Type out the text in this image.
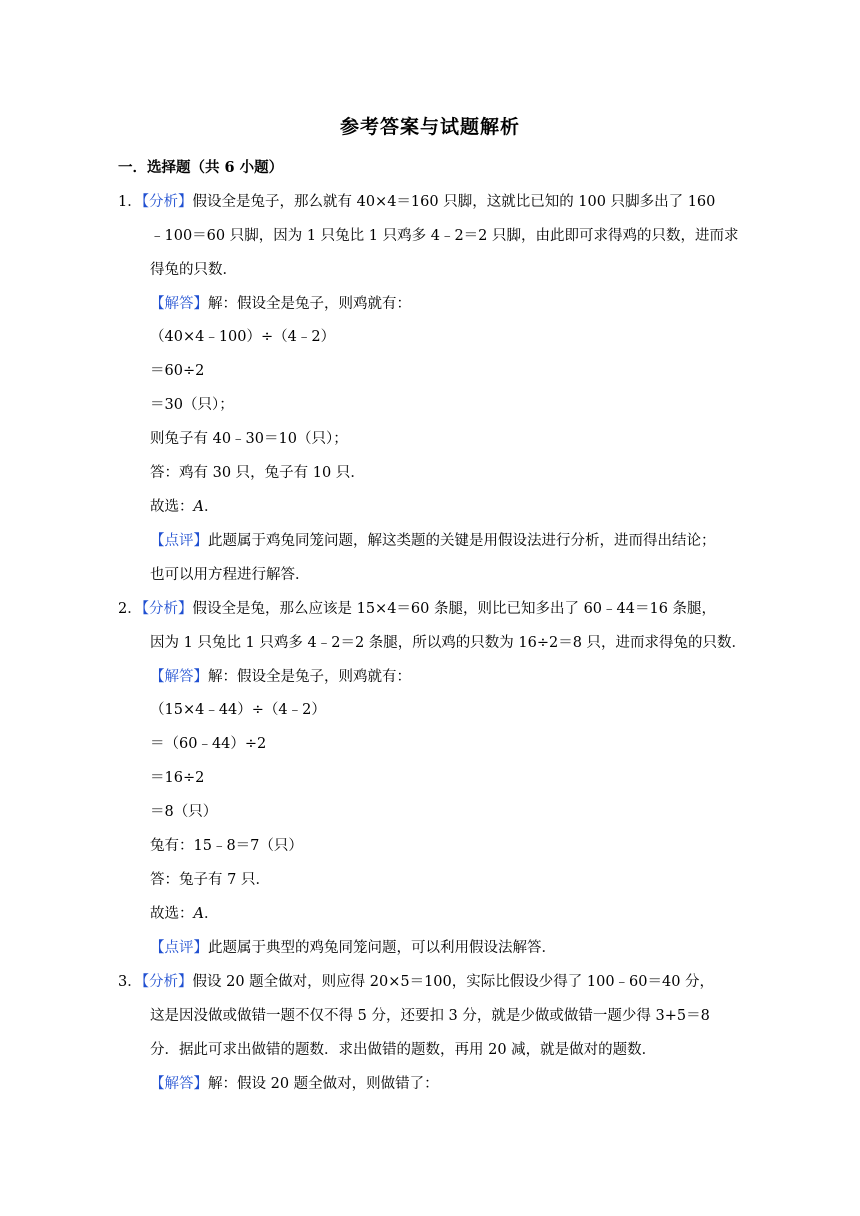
参考答案与试题解析
一．选择题（共 6 小题）
1．【分析】假设全是兔子，那么就有 40×4＝160 只脚，这就比已知的 100 只脚多出了 160
﹣100＝60 只脚，因为 1 只兔比 1 只鸡多 4﹣2＝2 只脚，由此即可求得鸡的只数，进而求
得兔的只数．
【解答】解：假设全是兔子，则鸡就有：
（40×4﹣100）÷（4﹣2）
＝60÷2
＝30（只）；
则兔子有 40﹣30＝10（只）；
答：鸡有 30 只，兔子有 10 只．
故选：A．
【点评】此题属于鸡兔同笼问题，解这类题的关键是用假设法进行分析，进而得出结论；
也可以用方程进行解答．
2．【分析】假设全是兔，那么应该是 15×4＝60 条腿，则比已知多出了 60﹣44＝16 条腿，
因为 1 只兔比 1 只鸡多 4﹣2＝2 条腿，所以鸡的只数为 16÷2＝8 只，进而求得兔的只数．
【解答】解：假设全是兔子，则鸡就有：
（15×4﹣44）÷（4﹣2）
＝（60﹣44）÷2
＝16÷2
＝8（只）
兔有：15﹣8＝7（只）
答：兔子有 7 只．
故选：A．
【点评】此题属于典型的鸡兔同笼问题，可以利用假设法解答．
3．【分析】假设 20 题全做对，则应得 20×5＝100，实际比假设少得了 100﹣60＝40 分，
这是因没做或做错一题不仅不得 5 分，还要扣 3 分，就是少做或做错一题少得 3+5＝8
分．据此可求出做错的题数．求出做错的题数，再用 20 减，就是做对的题数．
【解答】解：假设 20 题全做对，则做错了：
